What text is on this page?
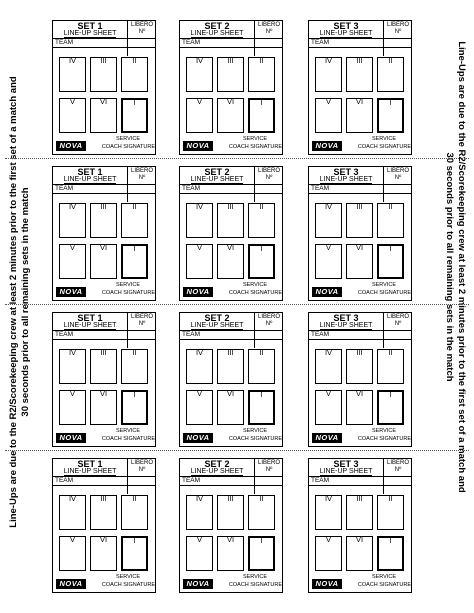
Line-Ups are due to the R2/Scorekeeping crew at least 2 minutes prior to the first set of a match and 30 seconds prior to all remaining sets in the match	Line-Ups are due to the R2/Scorekeeping crew at least 2 minutes prior to the first set of a match and
30 seconds prior to all remaining sets in the match
SET 1
LINE-UP SHEET
LIBERO
Nº
TEAM
IV	III	II
V	VI	I
SERVICE
NOVA	COACH SIGNATURE
SET 2
LINE-UP SHEET
LIBERO
Nº
TEAM
IV	III	II
V	VI	I
SERVICE
NOVA	COACH SIGNATURE
SET 3
LINE-UP SHEET
LIBERO
Nº
TEAM
IV	III	II
V	VI	I
SERVICE
NOVA	COACH SIGNATURE
SET 1
LINE-UP SHEET
LIBERO
Nº
TEAM
IV	III	II
V	VI	I
SERVICE
NOVA	COACH SIGNATURE
SET 2
LINE-UP SHEET
LIBERO
Nº
TEAM
IV	III	II
V	VI	I
SERVICE
NOVA	COACH SIGNATURE
SET 3
LINE-UP SHEET
LIBERO
Nº
TEAM
IV	III	II
V	VI	I
SERVICE
NOVA	COACH SIGNATURE
SET 1
LINE-UP SHEET
LIBERO
Nº
TEAM
IV	III	II
V	VI	I
SERVICE
NOVA	COACH SIGNATURE
SET 2
LINE-UP SHEET
LIBERO
Nº
TEAM
IV	III	II
V	VI	I
SERVICE
NOVA	COACH SIGNATURE
SET 3
LINE-UP SHEET
LIBERO
Nº
TEAM
IV	III	II
V	VI	I
SERVICE
NOVA	COACH SIGNATURE
SET 1
LINE-UP SHEET
LIBERO
Nº
TEAM
IV	III	II
V	VI	I
SERVICE
NOVA	COACH SIGNATURE
SET 2
LINE-UP SHEET
LIBERO
Nº
TEAM
IV	III	II
V	VI	I
SERVICE
NOVA	COACH SIGNATURE
SET 3
LINE-UP SHEET
LIBERO
Nº
TEAM
IV	III	II
V	VI	I
SERVICE
NOVA	COACH SIGNATURE
